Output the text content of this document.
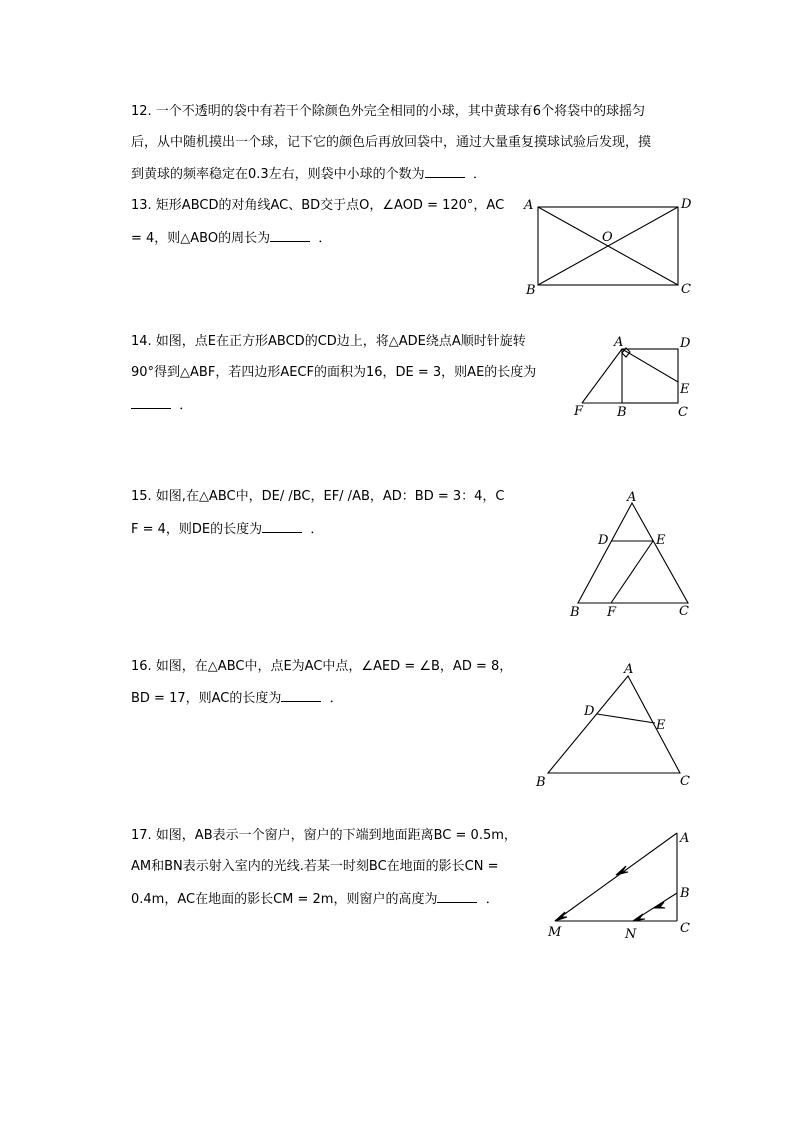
12. 一个不透明的袋中有若干个除颜色外完全相同的小球，其中黄球有6个将袋中的球摇匀
后，从中随机摸出一个球，记下它的颜色后再放回袋中，通过大量重复摸球试验后发现，摸
到黄球的频率稳定在0.3左右，则袋中小球的个数为	．
13. 矩形ABCD的对角线AC、BD交于点O，∠AOD = 120°，AC
= 4，则△ABO的周长为	．
14. 如图，点E在正方形ABCD的CD边上，将△ADE绕点A顺时针旋转
90°得到△ABF，若四边形AECF的面积为16，DE = 3，则AE的长度为
．
15. 如图,在△ABC中，DE/ /BC，EF/ /AB，AD：BD = 3：4，C
F = 4，则DE的长度为	．
16. 如图，在△ABC中，点E为AC中点，∠AED = ∠B，AD = 8，
BD = 17，则AC的长度为	．
17. 如图，AB表示一个窗户，窗户的下端到地面距离BC = 0.5m，
AM和BN表示射入室内的光线.若某一时刻BC在地面的影长CN =
0.4m，AC在地面的影长CM = 2m，则窗户的高度为	．
A	D
O
B	C
A	D
E
F	B	C
A
D	E
B F	C
A
D
E
B	C
A
B
C
M	N
